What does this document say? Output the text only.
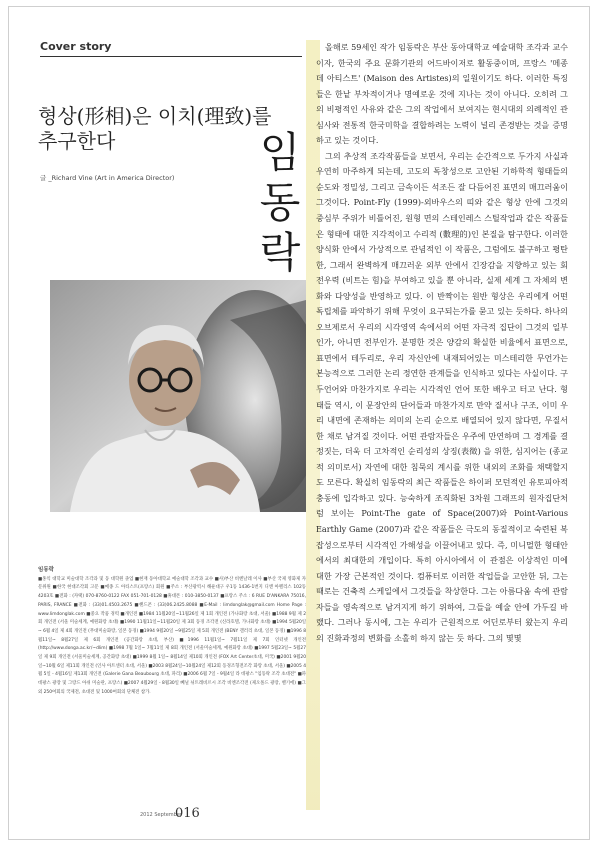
Cover story
형상(形相)은 이치(理致)를
추구한다
글 _Richard Vine (Art in America Director)
임
동
락
임동락

■홍익 대학교 미술대학 조각과 및 동 대학원 졸업 ■현재 동아대학교 예술대학 조각과 교수 ■사)부산 비엔날레 이사 ■부산 국제 영화제 자문위원 ■한국 현대조각회 고문 ■메종 드 아티스트(프랑스) 회원 ■주소 : 부산광역시 해운대구 우1동 1436-1번지 디앤 아펠리스 102동 4203호 ■전화 : (자택) 070-8760-0122 FAX 051-701-0128 ■휴대폰 : 010-3850-0137 ■프랑스 주소 : 6 RUE D'ANKARA 75016, PARIS, FRANCE ■전화 : (33)01.4503.2675 ■핸드폰 : (33)06.2425.8088 ■E-Mail : limdonglak@gmail.com Home Page : www.limdonglak.com ■중요 작품 경력 ■개인전 ■1984 11월20일~11월26일 제 1회 개인전 (가나화랑 초대, 서울) ■1988 9월 제 2회 개인전 (서울 미술세계, 예원화랑 초대) ■1990 11월11일~11월20일 제 3회 동경 조각전 (신라호텔, 가나화랑 초대) ■1994 5월20일~ 6월 4일 제 4회 개인전 (무대미술화랑, 일본 동경) ■1994 9월20일 ~9월25일 제 5회 개인전 (BENY 갤러리 초대, 일본 동경) ■1996 8월11일~ 8월27일 제 6회 개인전 (공간화랑 초대, 부산) ■1996 11월1일~ 7월11일 제 7회 인터넷 개인전 (http://www.donga.ac.kr/~dlim) ■1998 7월 1일~ 7월11일 제 8회 개인전 (서울미술세계, 예원화랑 초대) ■1997 5월23일~ 5월27일 제 9회 개인전 (서울미술세계, 공간화랑 초대) ■1999 8월 1일~ 8월14일 제10회 개인전 (FOX Art Center초대, 미국) ■2001 9월20일~10월 6일 제11회 개인전 (인사 아트센터 초대, 서울) ■2003 8월24일~10월24일 제12회 동경조형전조각 화랑 초대, 서울) ■2005 4월 5일 - 4월16일 제13회 개인전 (Galerie Gana Beaubourg 초대, 파리) ■2006 6월 7일 - 9월4일 라 데팡스 "임동락 조각 초대전" ■파 데팡스 광장 및 그랑드 아쉬 미술관, 프랑스) ■2007 4월29일 - 8월30일 뻬닐 뉘트레비르시 조각 비엔조각전 (제오폴드 광장, 벨기에) ■그 외 250여회의 국제전, 초대전 및 1000여회의 단체전 참가.

올해로 59세인 작가 임동락은 부산 동아대학교 예술대학 조각과 교수이자, 한국의 주요 문화기관의 어드바이저로 활동중이며, 프랑스 '메종 데 아티스트' (Maison des Artistes)의 일원이기도 하다. 이러한 특징들은 한낱 부차적이거나 명예로운 것에 지나는 것이 아니다. 오히려 그의 비평적인 사유와 같은 그의 작업에서 보여지는 현시대의 의례적인 관심사와 전통적 한국미학을 결합하려는 노력이 널리 존경받는 것을 증명하고 있는 것이다.

그의 추상적 조각작품들을 보면서, 우리는 순간적으로 두가지 사실과 우연히 마주하게 되는데, 고도의 독창성으로 고안된 기하학적 형태들의 순도와 정밀성, 그리고 금속이든 석조든 잘 다듬어진 표면의 매끄러움이 그것이다. Point-Fly (1999)-외바우스의 띠와 같은 형상 안에 그것의 중심부 주위가 비틀어진, 원형 면의 스테인레스 스틸작업과 같은 작품들은 형태에 대한 지각적이고 수리적 (數理的)인 본질을 탐구한다. 이러한 양식화 안에서 가상적으로 관념적인 이 작품은, 그럼에도 불구하고 평탄한, 그래서 완벽하게 매끄러운 외부 안에서 긴장감을 지향하고 있는 회전우력 (비트는 힘)을 부여하고 있을 뿐 아니라, 실제 세계 그 자체의 변화와 다양성을 반영하고 있다. 이 반짝이는 원반 형상은 우리에게 어떤 독립체를 파악하기 위해 무엇이 요구되는가를 묻고 있는 듯하다. 하나의 오브제로서 우리의 시각영역 속에서의 어떤 자극적 집단이 그것의 일부인가, 아니면 전부인가. 분명한 것은 양감의 확실한 비율에서 표면으로, 표면에서 테두리로, 우리 자신안에 내재되어있는 미스테리한 무언가는 본능적으로 그러한 논리 정연한 관계들을 인식하고 있다는 사실이다. 구두언어와 마찬가지로 우리는 시각적인 언어 또한 배우고 터고 난다. 형태들 역시, 이 문장안의 단어들과 마찬가지로 만약 질서나 구조, 이미 우리 내면에 존재하는 의미의 논리 순으로 배열되어 있지 않다면, 무질서한 채로 남겨질 것이다. 어떤 관람자들은 우주에 만연하며 그 경계를 결정짓는, 더욱 더 고차적인 순리성의 상징(表徵) 을 위한, 심지어는 (종교적 의미로서) 자연에 대한 침묵의 계시를 위한 내외의 조화를 채택할지도 모른다. 확실히 임동락의 최근 작품들은 하이퍼 모던적인 유토피아적 충동에 입각하고 있다. 능숙하게 조직화된 3차원 그래프의 원자집단처럼 보이는 Point-The gate of Space(2007)와 Point-Various Earthly Game (2007)과 같은 작품들은 극도의 동질적이고 숙련된 복잡성으로부터 시각적인 가해성을 이끌어내고 있다. 즉, 미니멀한 형태안에서의 최대한의 개입이다. 특히 아시아에서 이 관점은 이상적인 미에 대한 가장 근본적인 것이다. 컴퓨터로 이러한 작업들을 고안한 뒤, 그는 때로는 건축적 스케일에서 그것들을 착상한다. 그는 아름다움 속에 관람자들을 영속적으로 남겨지게 하기 위하여, 그들을 예술 안에 가두길 바랬다. 그러나 동시에, 그는 우리가 근원적으로 어딘로부터 왔는지 우리의 진화과정의 변화를 소홀히 하지 않는 듯 하다. 그의 몇몇

2012 September
016
